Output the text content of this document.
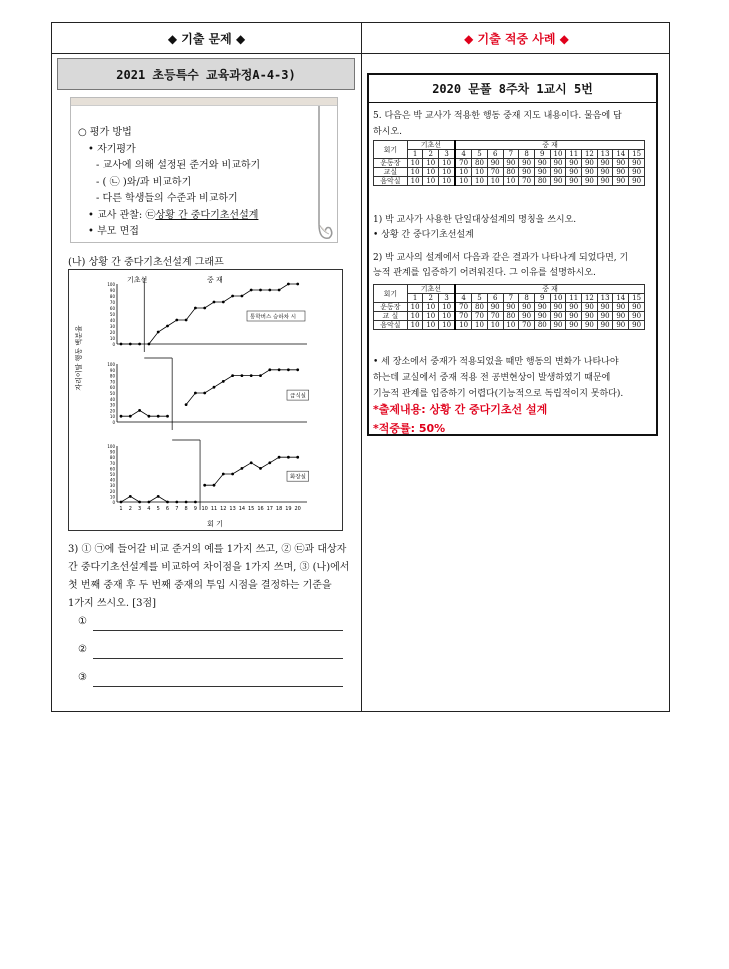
◆ 기출 문제 ◆	◆ 기출 적중 사례 ◆
2021 초등특수 교육과정A-4-3)
○ 평가 방법
• 자기평가
- 교사에 의해 설정된 준거와 비교하기
- ( ㉡ )와/과 비교하기
- 다른 학생들의 수준과 비교하기
• 교사 관찰: ㉢상황 간 중다기초선설계
• 부모 면접
(나) 상황 간 중다기초선설계 그래프
기초선	중 재
자리이탈 행동 백분율
회 기
100
90
80
70
60
50
40
30
20
10
0
통학버스 승하차 시
100
90
80
70
60
50
40
30
20
10
0
급식실
100
90
80
70
60
50
40
30
20
10
0
화장실
1 2 3 4 5 6 7 8 9 10 11 12 13 14 15 16 17 18 19 20
3) ① ㉠에 들어갈 비교 준거의 예를 1가지 쓰고, ② ㉢과 대상자
간 중다기초선설계를 비교하여 차이점을 1가지 쓰며, ③ (나)에서
첫 번째 중재 후 두 번째 중재의 투입 시점을 결정하는 기준을
1가지 쓰시오. [3점]
①
②
③
2020 문풀 8주차 1교시 5번
5. 다음은 박 교사가 적용한 행동 중재 지도 내용이다. 물음에 답
하시오.
회기	기초선			중 재											
	1	2	3	4	5	6	7	8	9	10	11	12	13	14	15
운동장	10	10	10	70	80	90	90	90	90	90	90	90	90	90	90
교실	10	10	10	10	10	70	80	90	90	90	90	90	90	90	90
음악실	10	10	10	10	10	10	10	70	80	90	90	90	90	90	90
1) 박 교사가 사용한 단일대상설계의 명칭을 쓰시오.
• 상황 간 중다기초선설계
2) 박 교사의 설계에서 다음과 같은 결과가 나타나게 되었다면, 기
능적 관계를 입증하기 어려워진다. 그 이유를 설명하시오.
회기	기초선			중 재											
	1	2	3	4	5	6	7	8	9	10	11	12	13	14	15
운동장	10	10	10	70	80	90	90	90	90	90	90	90	90	90	90
교 실	10	10	10	70	70	70	80	90	90	90	90	90	90	90	90
음악실	10	10	10	10	10	10	10	70	80	90	90	90	90	90	90
• 세 장소에서 중재가 적용되었을 때만 행동의 변화가 나타나야
하는데 교실에서 중재 적용 전 공변현상이 발생하였기 때문에
기능적 관계를 입증하기 어렵다(기능적으로 독립적이지 못하다).
*출제내용: 상황 간 중다기초선 설계
*적중률: 50%
